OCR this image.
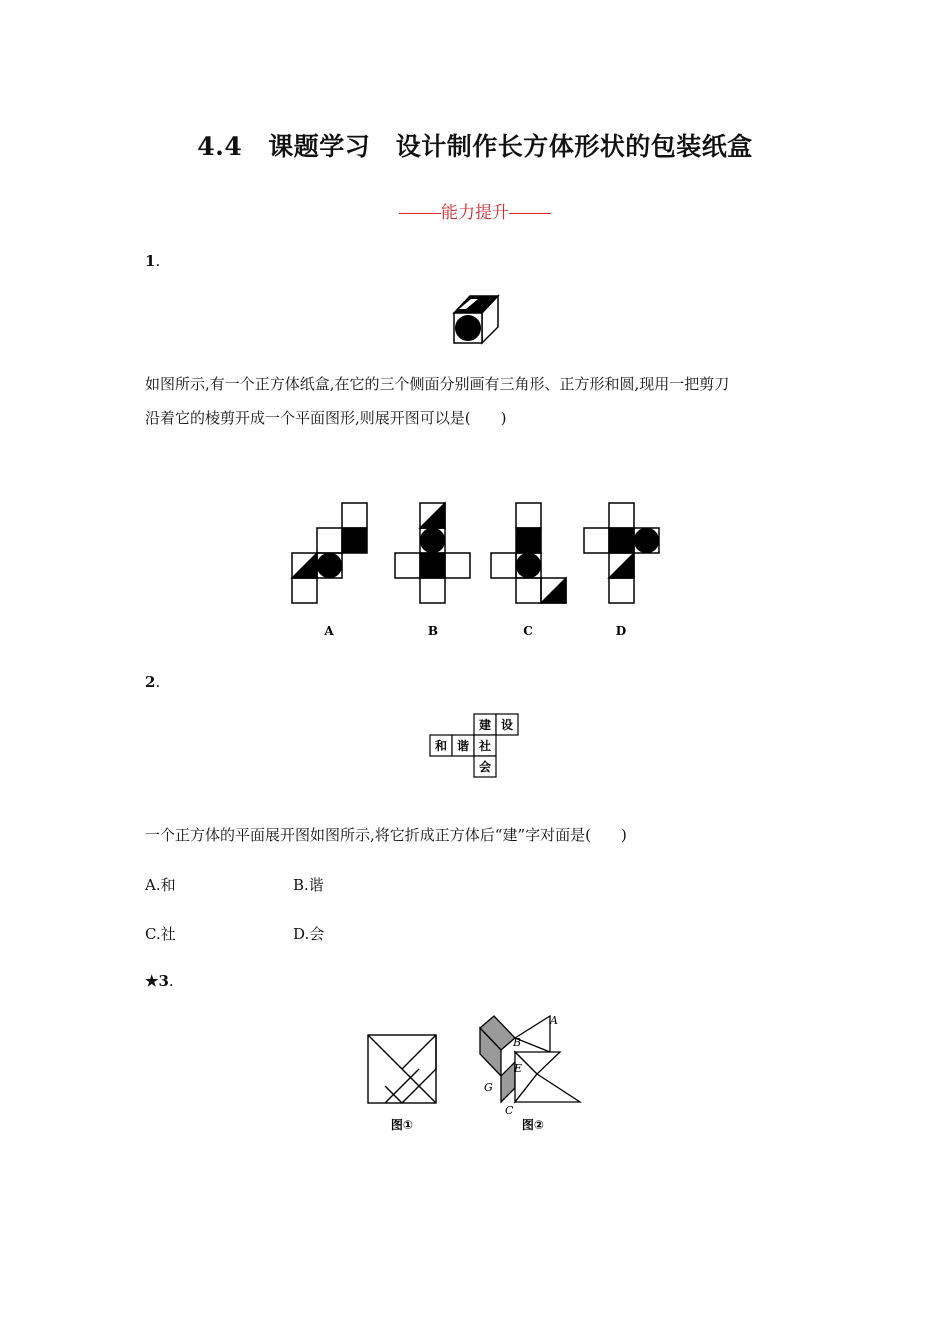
4.4 课题学习　设计制作长方体形状的包装纸盒
能力提升
1.
如图所示,有一个正方体纸盒,在它的三个侧面分别画有三角形、正方形和圆,现用一把剪刀
沿着它的棱剪开成一个平面图形,则展开图可以是(　　)
A	B	C	D
2.
建 设
和 谐 社
会
一个正方体的平面展开图如图所示,将它折成正方体后“建”字对面是(　　)
A.和	B.谐
C.社	D.会
★3.
图①
A
B
E
G
C
图②
